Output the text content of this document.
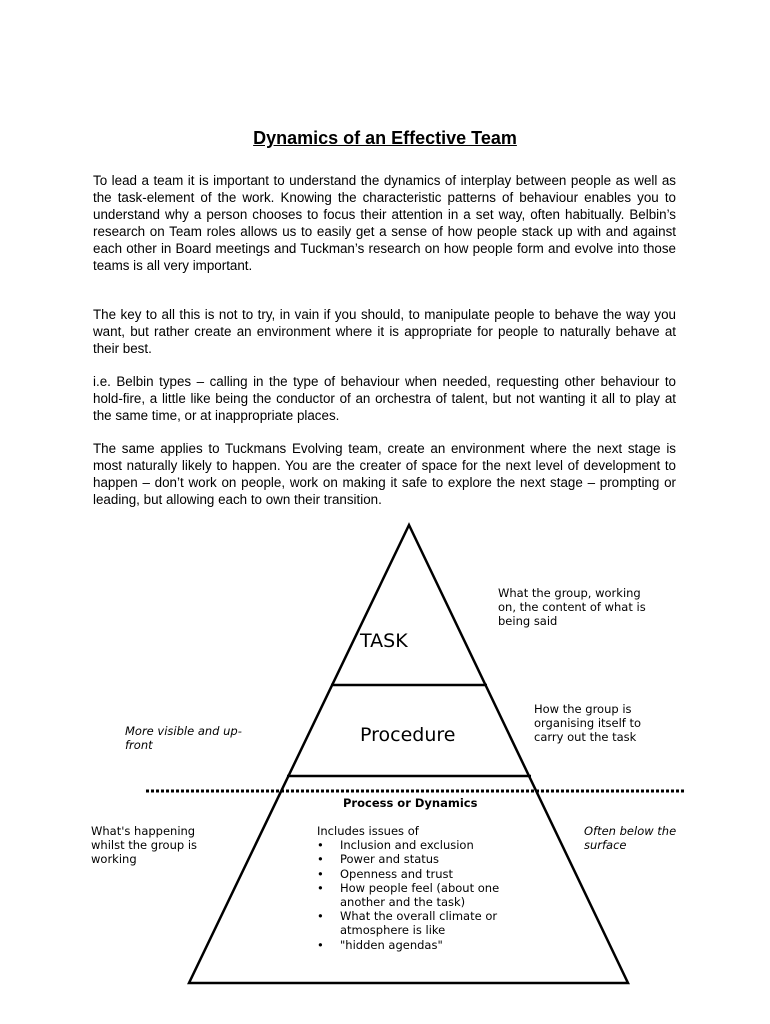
Dynamics of an Effective Team

To lead a team it is important to understand the dynamics of interplay between people as well as the task-element of the work. Knowing the characteristic patterns of behaviour enables you to understand why a person chooses to focus their attention in a set way, often habitually. Belbin’s research on Team roles allows us to easily get a sense of how people stack up with and against each other in Board meetings and Tuckman’s research on how people form and evolve into those teams is all very important.

The key to all this is not to try, in vain if you should, to manipulate people to behave the way you want, but rather create an environment where it is appropriate for people to naturally behave at their best.

i.e. Belbin types – calling in the type of behaviour when needed, requesting other behaviour to hold-fire, a little like being the conductor of an orchestra of talent, but not wanting it all to play at the same time, or at inappropriate places.

The same applies to Tuckmans Evolving team, create an environment where the next stage is most naturally likely to happen. You are the creater of space for the next level of development to happen – don’t work on people, work on making it safe to explore the next stage – prompting or leading, but allowing each to own their transition.

TASK
Procedure
Process or Dynamics

What the group, working on, the content of what is being said

How the group is organising itself to carry out the task

More visible and up-front

What's happening whilst the group is working

Often below the surface

Includes issues of
• Inclusion and exclusion
• Power and status
• Openness and trust
• How people feel (about one another and the task)
• What the overall climate or atmosphere is like
• "hidden agendas"
